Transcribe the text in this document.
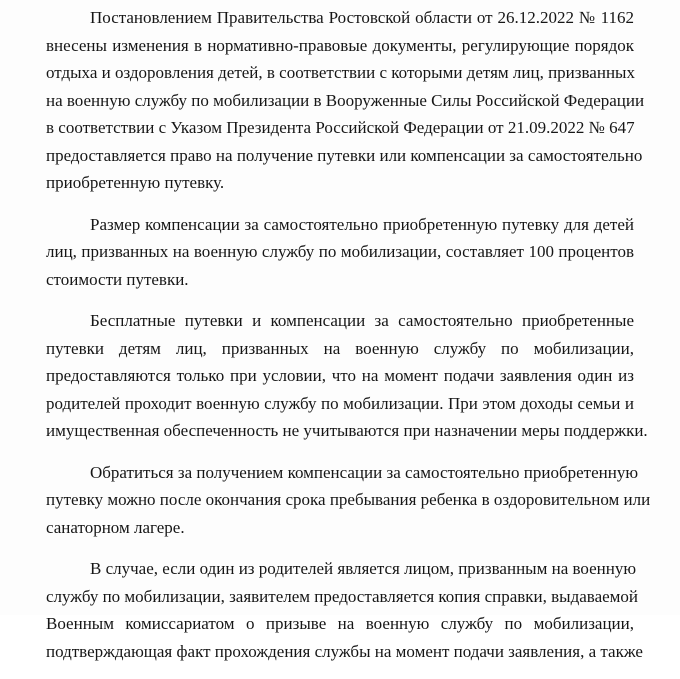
Постановлением Правительства Ростовской области от 26.12.2022 № 1162
внесены изменения в нормативно-правовые документы, регулирующие порядок
отдыха и оздоровления детей, в соответствии с которыми детям лиц, призванных
на военную службу по мобилизации в Вооруженные Силы Российской Федерации
в соответствии с Указом Президента Российской Федерации от 21.09.2022 № 647
предоставляется право на получение путевки или компенсации за самостоятельно
приобретенную путевку.

Размер компенсации за самостоятельно приобретенную путевку для детей
лиц, призванных на военную службу по мобилизации, составляет 100 процентов
стоимости путевки.

Бесплатные путевки и компенсации за самостоятельно приобретенные
путевки детям лиц, призванных на военную службу по мобилизации,
предоставляются только при условии, что на момент подачи заявления один из
родителей проходит военную службу по мобилизации. При этом доходы семьи и
имущественная обеспеченность не учитываются при назначении меры поддержки.

Обратиться за получением компенсации за самостоятельно приобретенную
путевку можно после окончания срока пребывания ребенка в оздоровительном или
санаторном лагере.

В случае, если один из родителей является лицом, призванным на военную
службу по мобилизации, заявителем предоставляется копия справки, выдаваемой
Военным комиссариатом о призыве на военную службу по мобилизации,
подтверждающая факт прохождения службы на момент подачи заявления, а также
